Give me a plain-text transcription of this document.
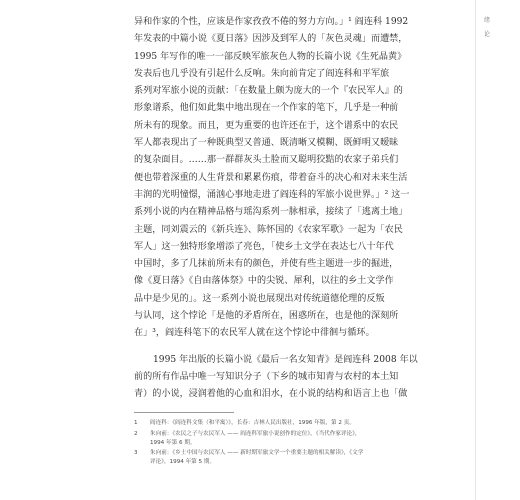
绪
论
异和作家的个性，应该是作家孜孜不倦的努力方向。」¹ 阎连科 1992
年发表的中篇小说《夏日落》因涉及到军人的「灰色灵魂」而遭禁，
1995 年写作的唯一一部反映军旅灰色人物的长篇小说《生死晶黄》
发表后也几乎没有引起什么反响。朱向前肯定了阎连科和平军旅
系列对军旅小说的贡献：「在数量上颇为庞大的一个『农民军人』的
形象谱系，他们如此集中地出现在一个作家的笔下，几乎是一种前
所未有的现象。而且，更为重要的也许还在于，这个谱系中的农民
军人都表现出了一种既典型又普通、既清晰又模糊、既鲜明又暧昧
的复杂面目。……那一群群灰头土脸而又聪明狡黠的农家子弟兵们
便也带着深重的人生背景和累累伤痕，带着奋斗的决心和对未来生活
丰润的光明憧憬，涌汹心事地走进了阎连科的军旅小说世界。」² 这一
系列小说的内在精神品格与瑶沟系列一脉相承，接续了「逃离土地」
主题，同刘震云的《新兵连》、陈怀国的《农家军歌》一起为「农民
军人」这一独特形象增添了亮色，「使乡土文学在表达七八十年代
中国时，多了几抹前所未有的颜色，并使有些主题进一步的掘进，
像《夏日落》《自由落体祭》中的尖锐、犀利，以往的乡土文学作
品中是少见的」。这一系列小说也展现出对传统道德伦理的反叛
与认同，这个悖论「是他的矛盾所在，困惑所在，也是他的深刻所
在」³，阎连科笔下的农民军人就在这个悖论中徘徊与循环。
1995 年出版的长篇小说《最后一名女知青》是阎连科 2008 年以
前的所有作品中唯一写知识分子（下乡的城市知青与农村的本土知
青）的小说，浸润着他的心血和泪水，在小说的结构和语言上也「做
1 阎连科：《阎连科文集（和平寓）》，长春：吉林人民出版社，1996 年版，第 2 页。
2 朱向前：《农民之子与农民军人 —— 阎连科军旅小说创作的定位》，《当代作家评论》，
1994 年第 6 期。
3 朱向前：《乡土中国与农民军人 —— 新时期军旅文学一个重要主题的相关解读》，《文学
评论》，1994 年第 5 期。
